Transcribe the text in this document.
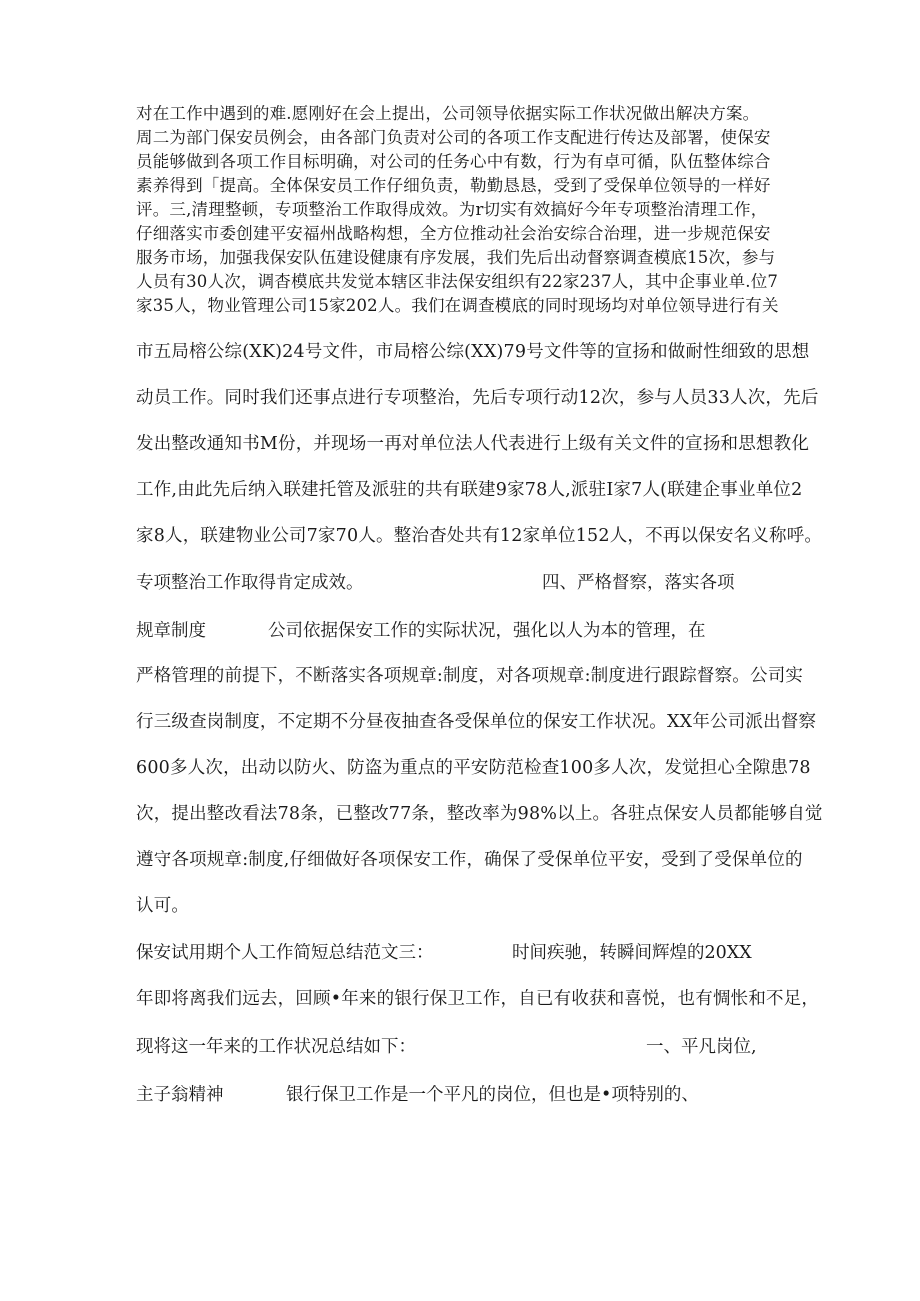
对在工作中遇到的难.愿刚好在会上提出，公司领导依据实际工作状况做出解决方案。
周二为部门保安员例会，由各部门负责对公司的各项工作支配进行传达及部署，使保安
员能够做到各项工作目标明确，对公司的任务心中有数，行为有卓可循，队伍整体综合
素养得到「提高。全体保安员工作仔细负责，勒勤恳恳，受到了受保单位领导的一样好
评。三,清理整顿，专项整治工作取得成效。为r切实有效搞好今年专项整治清理工作，
仔细落实市委创建平安福州战略构想，全方位推动社会治安综合治理，进一步规范保安
服务市场，加强我保安队伍建设健康有序发展，我们先后出动督察调查模底15次，参与
人员有30人次，调杳模底共发觉本辖区非法保安组织有22家237人，其中企事业单.位7
家35人，物业管理公司15家202人。我们在调查模底的同时现场均对单位领导进行有关
市五局榕公综(XK)24号文件，市局榕公综(XX)79号文件等的宣扬和做耐性细致的思想
动员工作。同时我们还事点进行专项整治，先后专项行动12次，参与人员33人次，先后
发出整改通知书M份，并现场一再对单位法人代表进行上级有关文件的宣扬和思想教化
工作,由此先后纳入联建托管及派驻的共有联建9家78人,派驻I家7人(联建企事业单位2
家8人，联建物业公司7家70人。整治杳处共有12家单位152人，不再以保安名义称呼。
专项整治工作取得肯定成效。	四、严格督察，落实各项
规章制度	公司依据保安工作的实际状况，强化以人为本的管理，在
严格管理的前提下，不断落实各项规章:制度，对各项规章:制度进行跟踪督察。公司实
行三级查岗制度，不定期不分昼夜抽查各受保单位的保安工作状况。XX年公司派出督察
600多人次，出动以防火、防盗为重点的平安防范检查100多人次，发觉担心全隙患78
次，提出整改看法78条，已整改77条，整改率为98%以上。各驻点保安人员都能够自觉
遵守各项规章:制度,仔细做好各项保安工作，确保了受保单位平安，受到了受保单位的
认可。
保安试用期个人工作简短总结范文三：	时间疾驰，转瞬间辉煌的20XX
年即将离我们远去，回顾•年来的银行保卫工作，自已有收获和喜悦，也有惆怅和不足，
现将这一年来的工作状况总结如下：	一、平凡岗位,
主子翁精神	银行保卫工作是一个平凡的岗位，但也是•项特别的、
